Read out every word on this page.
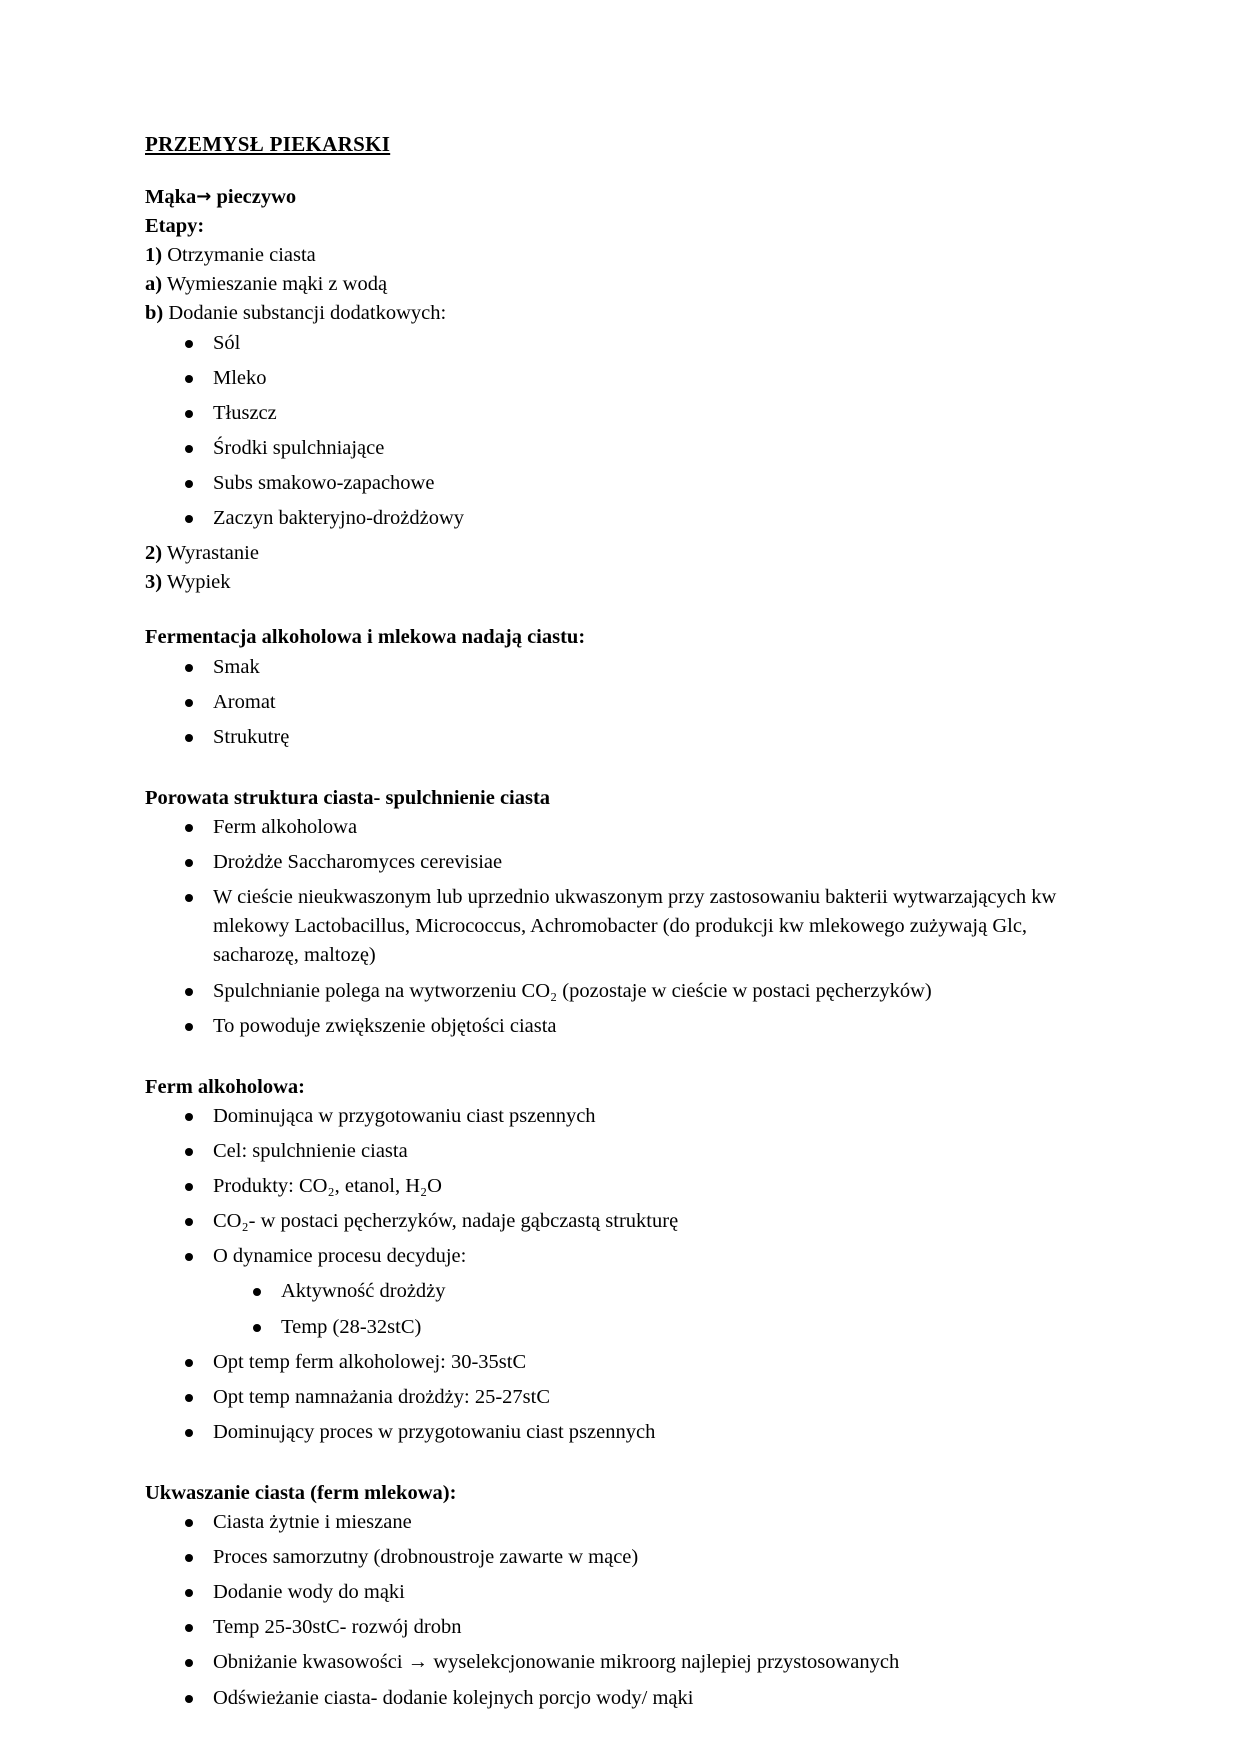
PRZEMYSŁ PIEKARSKI

Mąka→ pieczywo

Etapy:

1) Otrzymanie ciasta

a) Wymieszanie mąki z wodą

b) Dodanie substancji dodatkowych:

Sól
Mleko
Tłuszcz
Środki spulchniające
Subs smakowo-zapachowe
Zaczyn bakteryjno-drożdżowy

2) Wyrastanie

3) Wypiek

Fermentacja alkoholowa i mlekowa nadają ciastu:
Smak
Aromat
Strukutrę
Porowata struktura ciasta- spulchnienie ciasta
Ferm alkoholowa
Drożdże Saccharomyces cerevisiae
W cieście nieukwaszonym lub uprzednio ukwaszonym przy zastosowaniu bakterii wytwarzających kw mlekowy Lactobacillus, Micrococcus, Achromobacter (do produkcji kw mlekowego zużywają Glc, sacharozę, maltozę)
Spulchnianie polega na wytworzeniu CO₂ (pozostaje w cieście w postaci pęcherzyków)
To powoduje zwiększenie objętości ciasta
Ferm alkoholowa:
Dominująca w przygotowaniu ciast pszennych
Cel: spulchnienie ciasta
Produkty: CO₂, etanol, H₂O
CO₂- w postaci pęcherzyków, nadaje gąbczastą strukturę
O dynamice procesu decyduje:
Aktywność drożdży
Temp (28-32stC)
Opt temp ferm alkoholowej: 30-35stC
Opt temp namnażania drożdży: 25-27stC
Dominujący proces w przygotowaniu ciast pszennych
Ukwaszanie ciasta (ferm mlekowa):
Ciasta żytnie i mieszane
Proces samorzutny (drobnoustroje zawarte w mące)
Dodanie wody do mąki
Temp 25-30stC- rozwój drobn
Obniżanie kwasowości → wyselekcjonowanie mikroorg najlepiej przystosowanych
Odświeżanie ciasta- dodanie kolejnych porcjo wody/ mąki
